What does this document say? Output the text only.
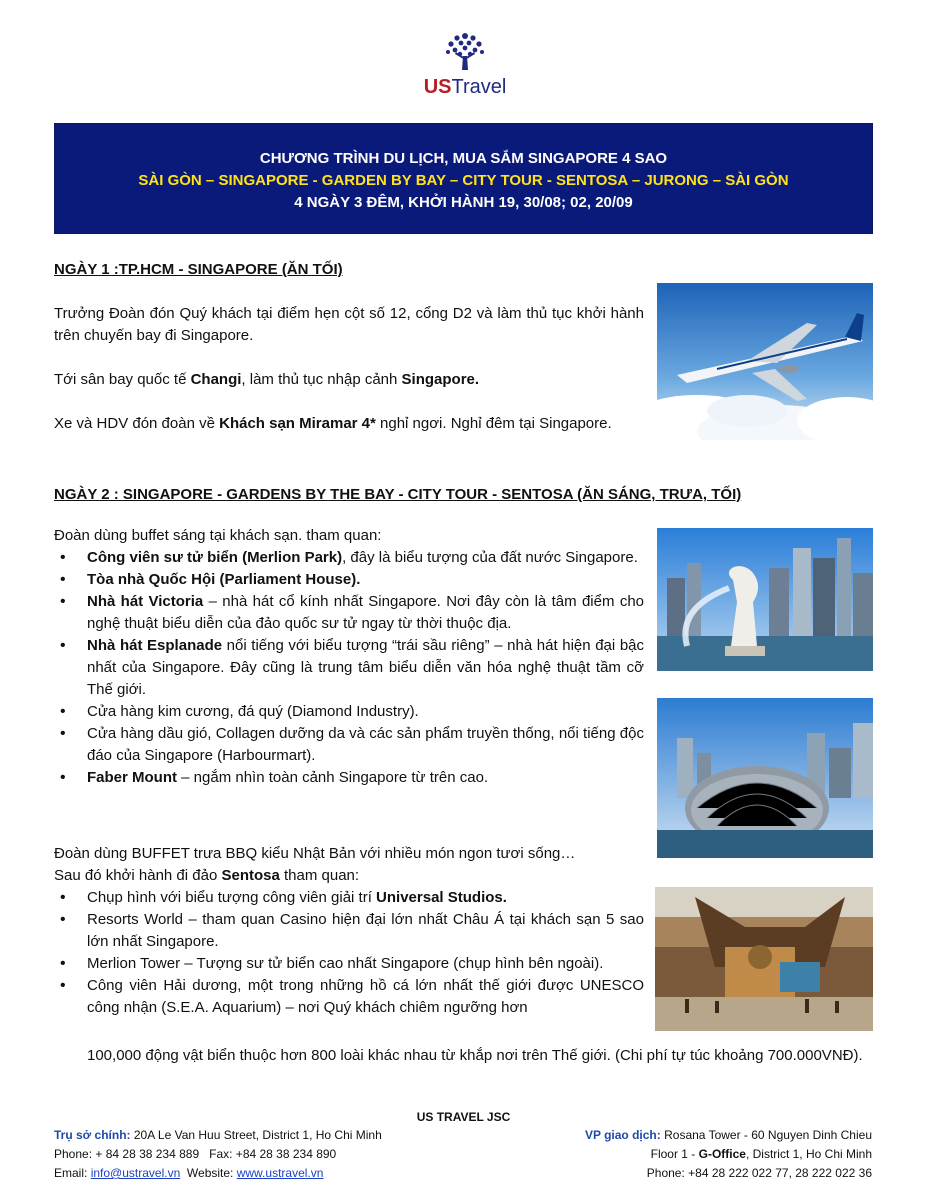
USTravel
CHƯƠNG TRÌNH DU LỊCH, MUA SẮM SINGAPORE 4 SAO
SÀI GÒN – SINGAPORE - GARDEN BY BAY – CITY TOUR - SENTOSA – JURONG – SÀI GÒN
4 NGÀY 3 ĐÊM, KHỞI HÀNH 19, 30/08; 02, 20/09
NGÀY 1 :TP.HCM - SINGAPORE (ĂN TỐI)
Trưởng Đoàn đón Quý khách tại điểm hẹn cột số 12, cổng D2 và làm thủ tục khởi hành trên chuyến bay đi Singapore.
Tới sân bay quốc tế Changi, làm thủ tục nhập cảnh Singapore.
Xe và HDV đón đoàn về Khách sạn Miramar 4* nghỉ ngơi. Nghỉ đêm tại Singapore.
NGÀY 2 : SINGAPORE - GARDENS BY THE BAY - CITY TOUR - SENTOSA (ĂN SÁNG, TRƯA, TỐI)
Đoàn dùng buffet sáng tại khách sạn. tham quan:
• Công viên sư tử biển (Merlion Park), đây là biểu tượng của đất nước Singapore.
• Tòa nhà Quốc Hội (Parliament House).
• Nhà hát Victoria – nhà hát cổ kính nhất Singapore. Nơi đây còn là tâm điểm cho nghệ thuật biểu diễn của đảo quốc sư tử ngay từ thời thuộc địa.
• Nhà hát Esplanade nổi tiếng với biểu tượng “trái sầu riêng” – nhà hát hiện đại bậc nhất của Singapore. Đây cũng là trung tâm biểu diễn văn hóa nghệ thuật tầm cỡ Thế giới.
• Cửa hàng kim cương, đá quý (Diamond Industry).
• Cửa hàng dầu gió, Collagen dưỡng da và các sản phẩm truyền thống, nổi tiếng độc đáo của Singapore (Harbourmart).
• Faber Mount – ngắm nhìn toàn cảnh Singapore từ trên cao.
Đoàn dùng BUFFET trưa BBQ kiểu Nhật Bản với nhiều món ngon tươi sống…
Sau đó khởi hành đi đảo Sentosa tham quan:
• Chụp hình với biểu tượng công viên giải trí Universal Studios.
• Resorts World – tham quan Casino hiện đại lớn nhất Châu Á tại khách sạn 5 sao lớn nhất Singapore.
• Merlion Tower – Tượng sư tử biển cao nhất Singapore (chụp hình bên ngoài).
• Công viên Hải dương, một trong những hồ cá lớn nhất thế giới được UNESCO công nhận (S.E.A. Aquarium) – nơi Quý khách chiêm ngưỡng hơn
100,000 động vật biển thuộc hơn 800 loài khác nhau từ khắp nơi trên Thế giới. (Chi phí tự túc khoảng 700.000VNĐ).
US TRAVEL JSC
Trụ sở chính: 20A Le Van Huu Street, District 1, Ho Chi Minh
Phone: + 84 28 38 234 889   Fax: +84 28 38 234 890
Email: info@ustravel.vn  Website: www.ustravel.vn
VP giao dịch: Rosana Tower - 60 Nguyen Dinh Chieu
Floor 1 - G-Office, District 1, Ho Chi Minh
Phone: +84 28 222 022 77, 28 222 022 36
